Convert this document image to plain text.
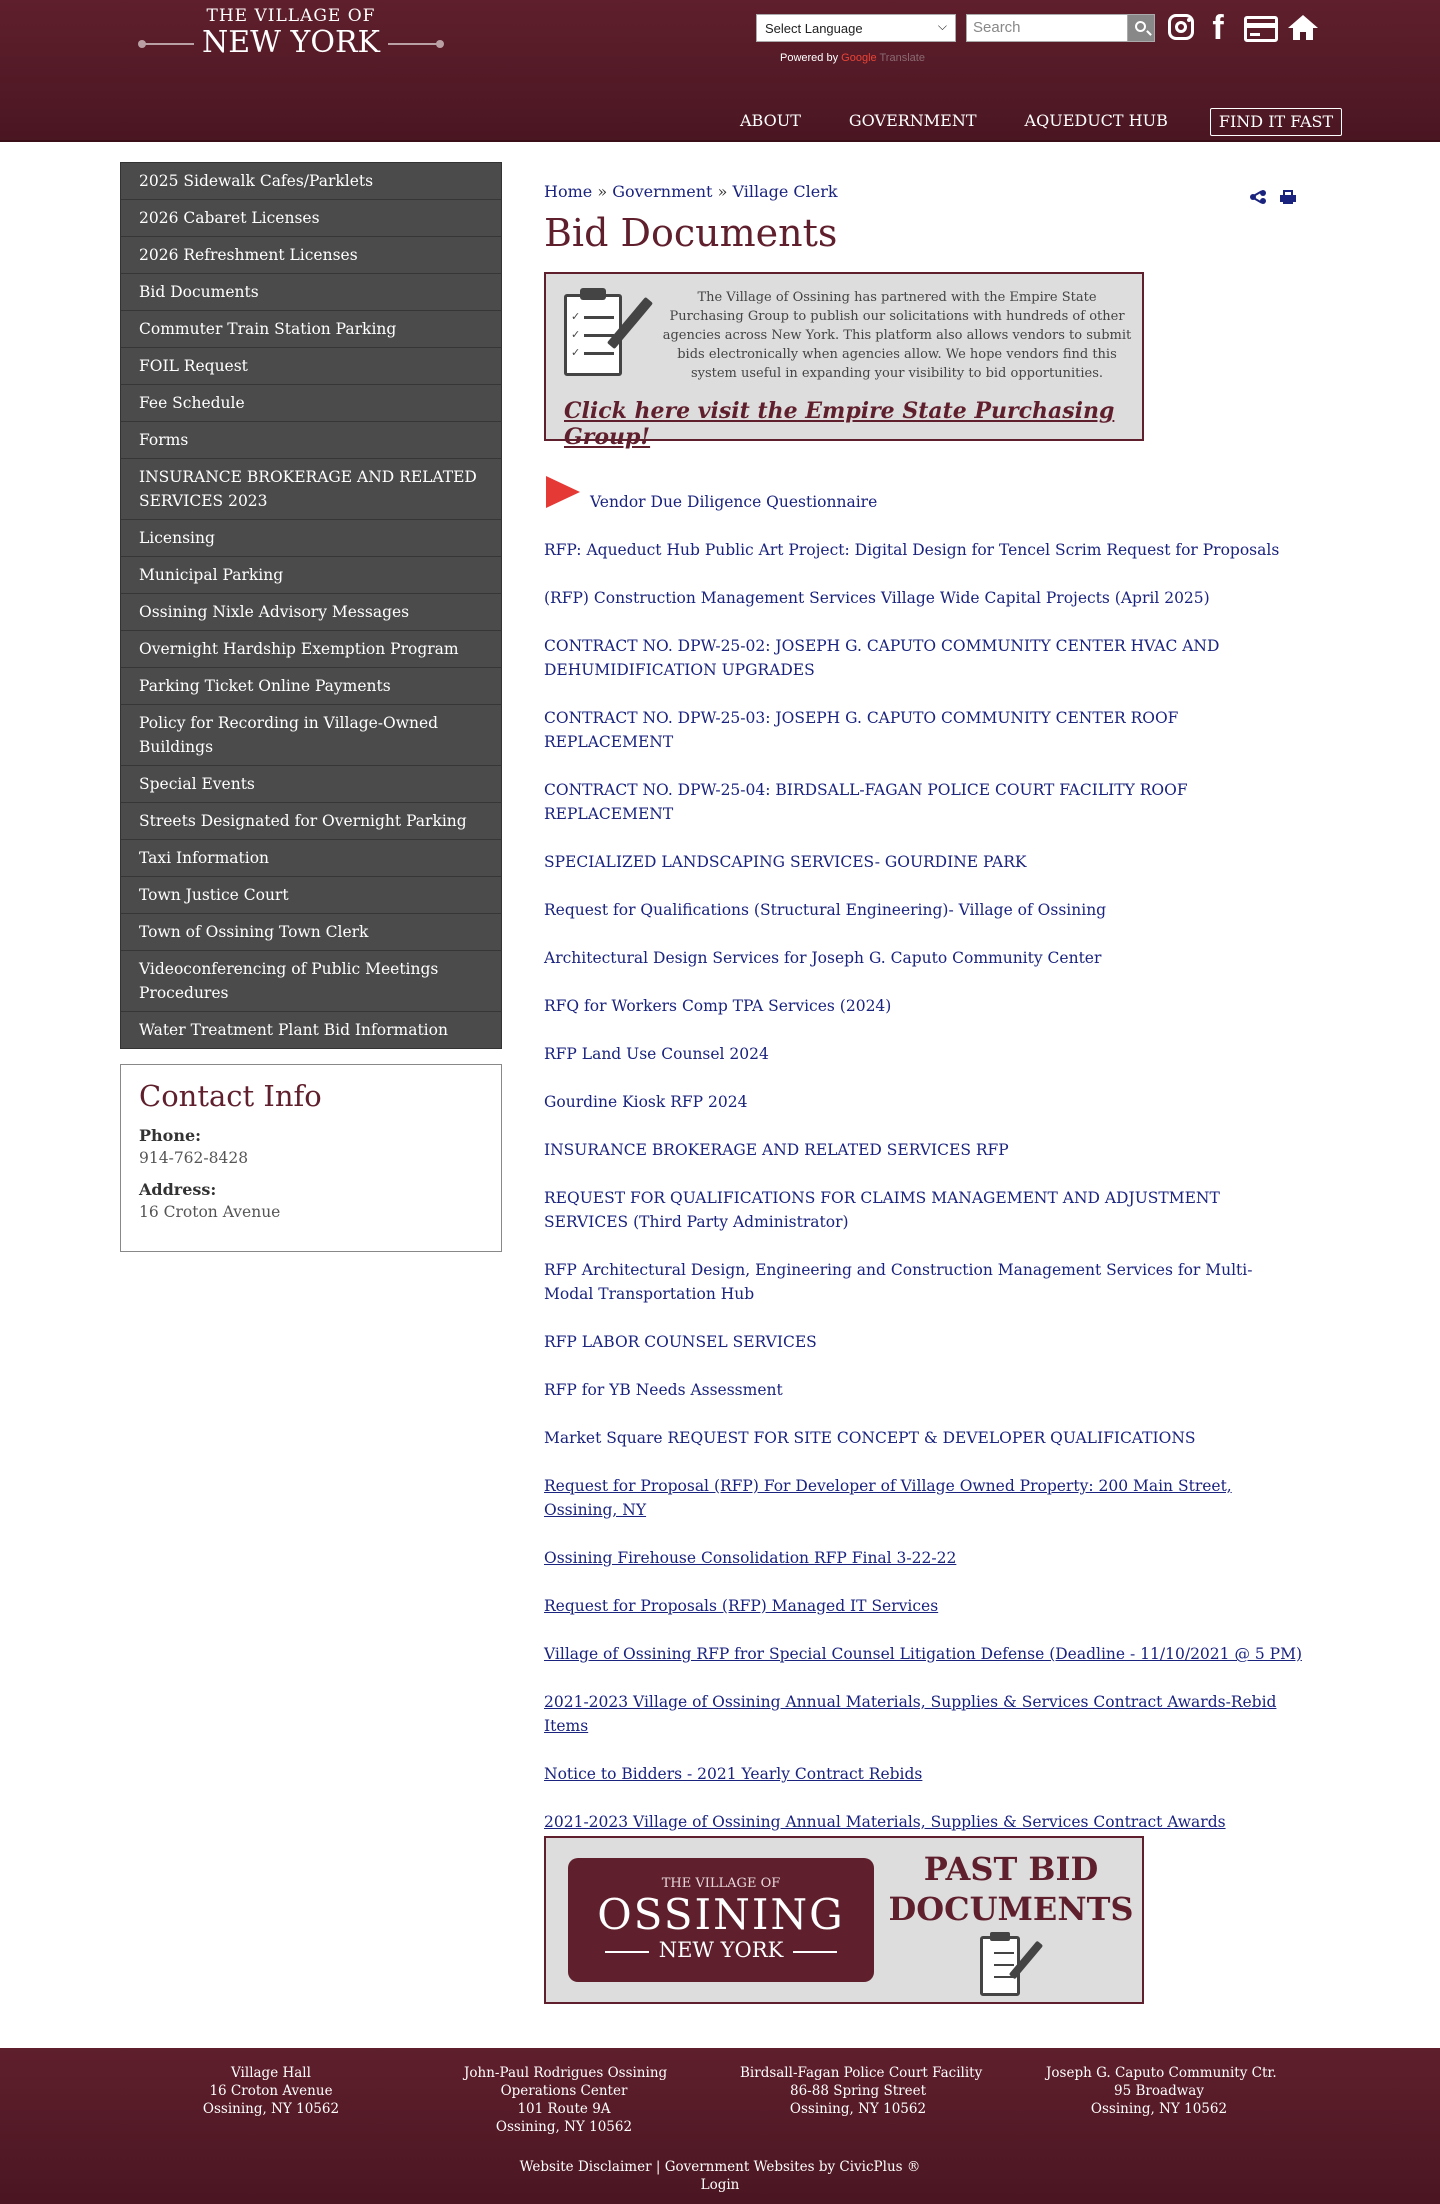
THE VILLAGE OF
OSSINING
NEW YORK	Select Language	⌵
Powered by Google Translate
Search	f
ABOUT	GOVERNMENT	AQUEDUCT HUB	FIND IT FAST
2025 Sidewalk Cafes/Parklets
2026 Cabaret Licenses
2026 Refreshment Licenses
Bid Documents
Commuter Train Station Parking
FOIL Request
Fee Schedule
Forms
INSURANCE BROKERAGE AND RELATED SERVICES 2023
Licensing
Municipal Parking
Ossining Nixle Advisory Messages
Overnight Hardship Exemption Program
Parking Ticket Online Payments
Policy for Recording in Village-Owned Buildings
Special Events
Streets Designated for Overnight Parking
Taxi Information
Town Justice Court
Town of Ossining Town Clerk
Videoconferencing of Public Meetings Procedures
Water Treatment Plant Bid Information
Contact Info
Phone:
914-762-8428
Address:
16 Croton Avenue
Home » Government » Village Clerk
Bid Documents
✓
✓
✓
The Village of Ossining has partnered with the Empire State Purchasing Group to publish our solicitations with hundreds of other agencies across New York. This platform also allows vendors to submit bids electronically when agencies allow. We hope vendors find this system useful in expanding your visibility to bid opportunities.
Click here visit the Empire State Purchasing Group!
Vendor Due Diligence Questionnaire
RFP: Aqueduct Hub Public Art Project: Digital Design for Tencel Scrim Request for Proposals
(RFP) Construction Management Services Village Wide Capital Projects (April 2025)
CONTRACT NO. DPW-25-02: JOSEPH G. CAPUTO COMMUNITY CENTER HVAC AND DEHUMIDIFICATION UPGRADES
CONTRACT NO. DPW-25-03: JOSEPH G. CAPUTO COMMUNITY CENTER ROOF REPLACEMENT
CONTRACT NO. DPW-25-04: BIRDSALL-FAGAN POLICE COURT FACILITY ROOF REPLACEMENT
SPECIALIZED LANDSCAPING SERVICES- GOURDINE PARK
Request for Qualifications (Structural Engineering)- Village of Ossining
Architectural Design Services for Joseph G. Caputo Community Center
RFQ for Workers Comp TPA Services (2024)
RFP Land Use Counsel 2024
Gourdine Kiosk RFP 2024
INSURANCE BROKERAGE AND RELATED SERVICES RFP
REQUEST FOR QUALIFICATIONS FOR CLAIMS MANAGEMENT AND ADJUSTMENT SERVICES (Third Party Administrator)
RFP Architectural Design, Engineering and Construction Management Services for Multi- Modal Transportation Hub
RFP LABOR COUNSEL SERVICES
RFP for YB Needs Assessment
Market Square REQUEST FOR SITE CONCEPT & DEVELOPER QUALIFICATIONS
Request for Proposal (RFP) For Developer of Village Owned Property: 200 Main Street, Ossining, NY
Ossining Firehouse Consolidation RFP Final 3-22-22
Request for Proposals (RFP) Managed IT Services
Village of Ossining RFP fror Special Counsel Litigation Defense (Deadline - 11/10/2021 @ 5 PM)
2021-2023 Village of Ossining Annual Materials, Supplies & Services Contract Awards-Rebid Items
Notice to Bidders - 2021 Yearly Contract Rebids
2021-2023 Village of Ossining Annual Materials, Supplies & Services Contract Awards
THE VILLAGE OF
OSSINING
NEW YORK
PAST BID
DOCUMENTS
Village Hall
16 Croton Avenue
Ossining, NY 10562
John-Paul Rodrigues Ossining
Operations Center
101 Route 9A
Ossining, NY 10562
Birdsall-Fagan Police Court Facility
86-88 Spring Street
Ossining, NY 10562
Joseph G. Caputo Community Ctr.
95 Broadway
Ossining, NY 10562
Website Disclaimer | Government Websites by CivicPlus ®
Login
